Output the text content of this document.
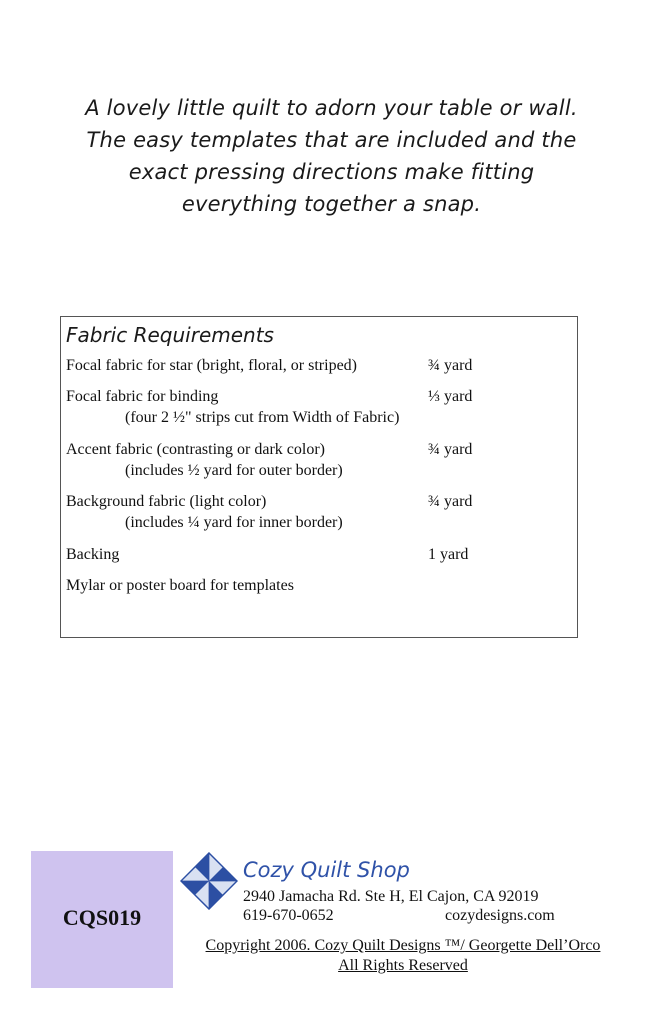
A lovely little quilt to adorn your table or wall.
The easy templates that are included and the
exact pressing directions make fitting
everything together a snap.
Fabric Requirements
Focal fabric for star (bright, floral, or striped)	¾ yard
Focal fabric for binding	⅓ yard
(four 2 ½" strips cut from Width of Fabric)
Accent fabric (contrasting or dark color)	¾ yard
(includes ½ yard for outer border)
Background fabric (light color)	¾ yard
(includes ¼ yard for inner border)
Backing	1 yard
Mylar or poster board for templates
CQS019
Cozy Quilt Shop
2940 Jamacha Rd. Ste H, El Cajon, CA 92019
619-670-0652	cozydesigns.com
Copyright 2006. Cozy Quilt Designs ™/ Georgette Dell’Orco
All Rights Reserved
